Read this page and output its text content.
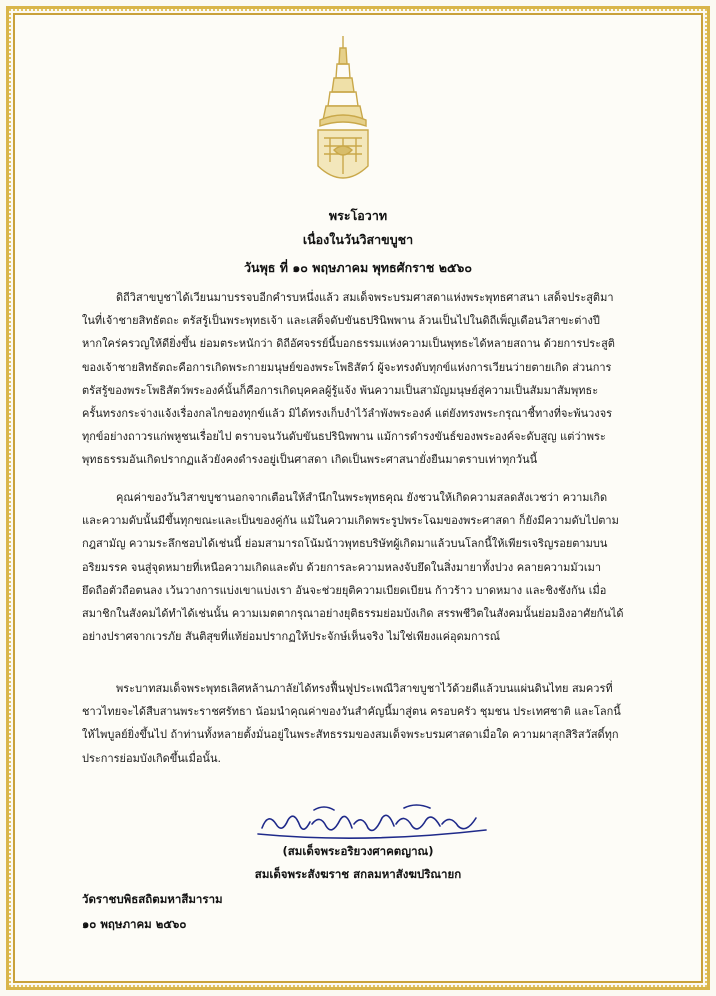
พระโอวาท
เนื่องในวันวิสาขบูชา
วันพุธ ที่ ๑๐ พฤษภาคม พุทธศักราช ๒๕๖๐
ดิถีวิสาขบูชาได้เวียนมาบรรจบอีกคำรบหนึ่งแล้ว สมเด็จพระบรมศาสดาแห่งพระพุทธศาสนา เสด็จประสูติมา
ในที่เจ้าชายสิทธัตถะ ตรัสรู้เป็นพระพุทธเจ้า และเสด็จดับขันธปรินิพพาน ล้วนเป็นไปในดิถีเพ็ญเดือนวิสาขะต่างปี
หากใคร่ครวญให้ดียิ่งขึ้น ย่อมตระหนักว่า ดิถีอัศจรรย์นี้บอกธรรมแห่งความเป็นพุทธะได้หลายสถาน ด้วยการประสูติ
ของเจ้าชายสิทธัตถะคือการเกิดพระกายมนุษย์ของพระโพธิสัตว์ ผู้จะทรงดับทุกข์แห่งการเวียนว่ายตายเกิด ส่วนการ
ตรัสรู้ของพระโพธิสัตว์พระองค์นั้นก็คือการเกิดบุคคลผู้รู้แจ้ง พ้นความเป็นสามัญมนุษย์สู่ความเป็นสัมมาสัมพุทธะ
ครั้นทรงกระจ่างแจ้งเรื่องกลไกของทุกข์แล้ว มิได้ทรงเก็บงำไว้ลำพังพระองค์ แต่ยังทรงพระกรุณาชี้ทางที่จะพ้นวงจร
ทุกข์อย่างถาวรแก่พหูชนเรื่อยไป ตราบจนวันดับขันธปรินิพพาน แม้การดำรงขันธ์ของพระองค์จะดับสูญ แต่ว่าพระ
พุทธธรรมอันเกิดปรากฏแล้วยังคงดำรงอยู่เป็นศาสดา เกิดเป็นพระศาสนายั่งยืนมาตราบเท่าทุกวันนี้
คุณค่าของวันวิสาขบูชานอกจากเตือนให้สำนึกในพระพุทธคุณ ยังชวนให้เกิดความสลดสังเวชว่า ความเกิด
และความดับนั้นมีขึ้นทุกขณะและเป็นของคู่กัน แม้ในความเกิดพระรูปพระโฉมของพระศาสดา ก็ยังมีความดับไปตาม
กฎสามัญ ความระลึกชอบได้เช่นนี้ ย่อมสามารถโน้มน้าวพุทธบริษัทผู้เกิดมาแล้วบนโลกนี้ให้เพียรเจริญรอยตามบน
อริยมรรค จนสู่จุดหมายที่เหนือความเกิดและดับ ด้วยการละความหลงจับยึดในสิ่งมายาทั้งปวง คลายความมัวเมา
ยึดถือตัวถือตนลง เว้นวางการแบ่งเขาแบ่งเรา อันจะช่วยยุติความเบียดเบียน ก้าวร้าว บาดหมาง และชิงชังกัน เมื่อ
สมาชิกในสังคมได้ทำได้เช่นนั้น ความเมตตากรุณาอย่างยุติธรรมย่อมบังเกิด สรรพชีวิตในสังคมนั้นย่อมอิงอาศัยกันได้
อย่างปราศจากเวรภัย สันติสุขที่แท้ย่อมปรากฏให้ประจักษ์เห็นจริง ไม่ใช่เพียงแค่อุดมการณ์
พระบาทสมเด็จพระพุทธเลิศหล้านภาลัยได้ทรงฟื้นฟูประเพณีวิสาขบูชาไว้ด้วยดีแล้วบนแผ่นดินไทย สมควรที่
ชาวไทยจะได้สืบสานพระราชศรัทธา น้อมนำคุณค่าของวันสำคัญนี้มาสู่ตน ครอบครัว ชุมชน ประเทศชาติ และโลกนี้
ให้ไพบูลย์ยิ่งขึ้นไป ถ้าท่านทั้งหลายตั้งมั่นอยู่ในพระสัทธรรมของสมเด็จพระบรมศาสดาเมื่อใด ความผาสุกสิริสวัสดิ์ทุก
ประการย่อมบังเกิดขึ้นเมื่อนั้น.
(สมเด็จพระอริยวงศาคตญาณ)
สมเด็จพระสังฆราช สกลมหาสังฆปริณายก
วัดราชบพิธสถิตมหาสีมาราม
๑๐ พฤษภาคม ๒๕๖๐
